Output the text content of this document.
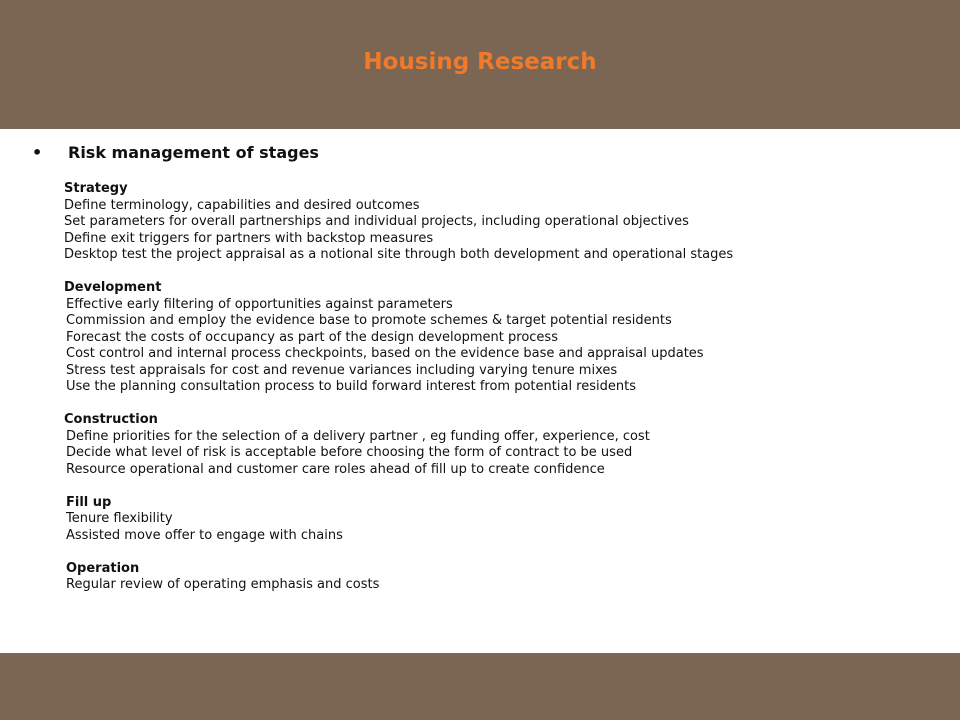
Housing Research
• Risk management of stages
Strategy
Define terminology, capabilities and desired outcomes
Set parameters for overall partnerships and individual projects, including operational objectives
Define exit triggers for partners with backstop measures
Desktop test the project appraisal as a notional site through both development and operational stages
Development
Effective early filtering of opportunities against parameters
Commission and employ the evidence base to promote schemes & target potential residents
Forecast the costs of occupancy as part of the design development process
Cost control and internal process checkpoints, based on the evidence base and appraisal updates
Stress test appraisals for cost and revenue variances including varying tenure mixes
Use the planning consultation process to build forward interest from potential residents
Construction
Define priorities for the selection of a delivery partner , eg funding offer, experience, cost
Decide what level of risk is acceptable before choosing the form of contract to be used
Resource operational and customer care roles ahead of fill up to create confidence
Fill up
Tenure flexibility
Assisted move offer to engage with chains
Operation
Regular review of operating emphasis and costs
